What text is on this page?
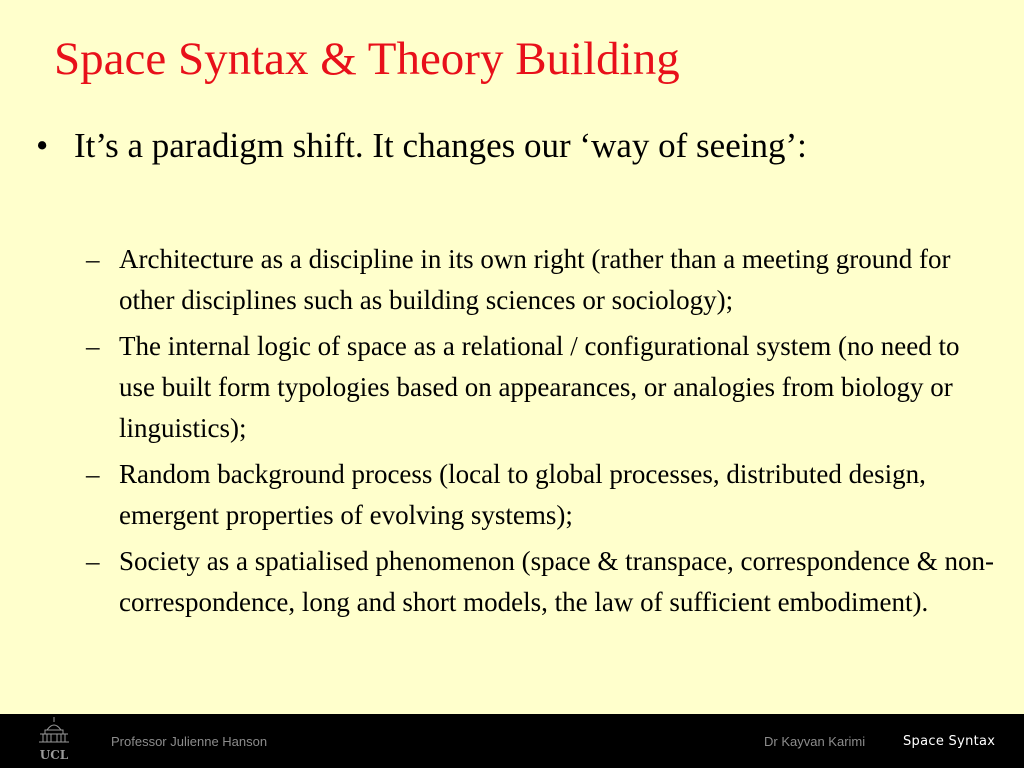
Space Syntax & Theory Building
• It’s a paradigm shift. It changes our ‘way of seeing’:
– Architecture as a discipline in its own right (rather than a meeting ground for other disciplines such as building sciences or sociology);
– The internal logic of space as a relational / configurational system (no need to use built form typologies based on appearances, or analogies from biology or linguistics);
– Random background process (local to global processes, distributed design, emergent properties of evolving systems);
– Society as a spatialised phenomenon (space & transpace, correspondence & non-correspondence, long and short models, the law of sufficient embodiment).
UCL
Professor Julienne Hanson	Dr Kayvan Karimi	Space Syntax
